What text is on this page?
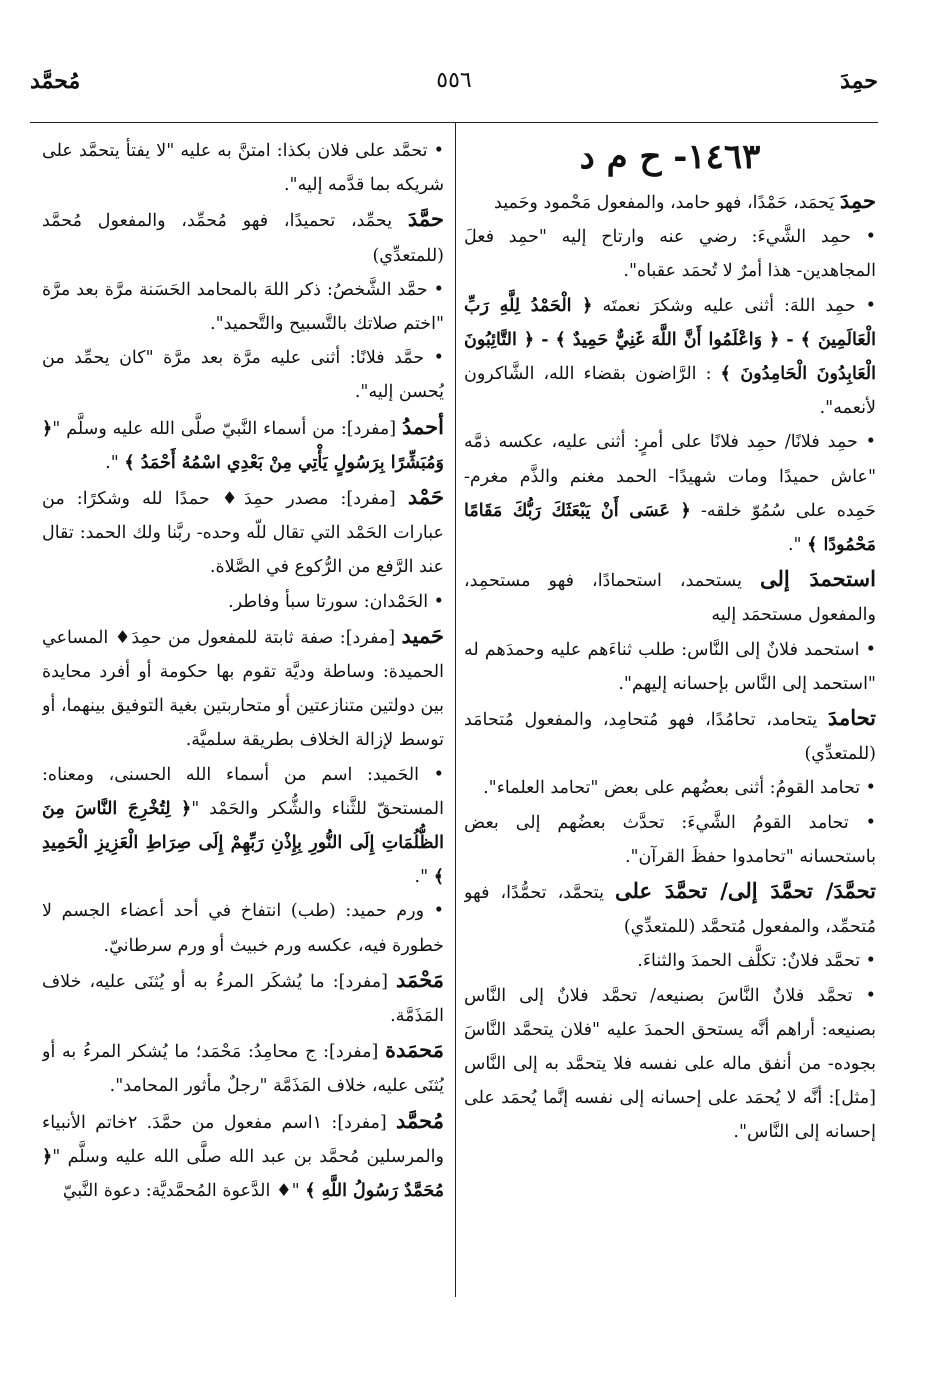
حمِدَ
٥٥٦
مُحمَّد
١٤٦٣- ح م د

حمِدَ يَحمَد، حَمْدًا، فهو حامد، والمفعول مَحْمود وحَميد

• حمِد الشَّيءَ: رضي عنه وارتاح إليه "حمِد فعلَ المجاهدين- هذا أمرٌ لا تُحمَد عقباه".

• حمِد اللهَ: أثنى عليه وشكرَ نعمتَه ﴿ الْحَمْدُ لِلَّهِ رَبِّ الْعَالَمِينَ ﴾ - ﴿ وَاعْلَمُوا أَنَّ اللَّهَ غَنِيٌّ حَمِيدٌ ﴾ - ﴿ التَّائِبُونَ الْعَابِدُونَ الْحَامِدُونَ ﴾ : الرَّاضون بقضاء الله، الشَّاكرون لأنعمه".

• حمِد فلانًا/ حمِد فلانًا على أمرٍ: أثنى عليه، عكسه ذمَّه "عاش حميدًا ومات شهيدًا- الحمد مغنم والذَّم مغرم- حَمِده على سُمُوّ خلقه- ﴿ عَسَى أَنْ يَبْعَثَكَ رَبُّكَ مَقَامًا مَحْمُودًا ﴾ ".

استحمدَ إلى يستحمد، استحمادًا، فهو مستحمِد، والمفعول مستحمَد إليه

• استحمد فلانٌ إلى النَّاس: طلب ثناءَهم عليه وحمدَهم له "استحمد إلى النَّاس بإحسانه إليهم".

تحامدَ يتحامد، تحامُدًا، فهو مُتحامِد، والمفعول مُتحامَد (للمتعدِّي)

• تحامد القومُ: أثنى بعضُهم على بعض "تحامد العلماء".

• تحامد القومُ الشَّيءَ: تحدَّث بعضُهم إلى بعض باستحسانه "تحامدوا حفظَ القرآن".

تحمَّدَ/ تحمَّدَ إلى/ تحمَّدَ على يتحمَّد، تحمُّدًا، فهو مُتحمِّد، والمفعول مُتحمَّد (للمتعدِّي)

• تحمَّد فلانٌ: تكلَّف الحمدَ والثناءَ.

• تحمَّد فلانٌ النَّاسَ بصنيعه/ تحمَّد فلانٌ إلى النَّاس بصنيعه: أراهم أنَّه يستحق الحمدَ عليه "فلان يتحمَّد النَّاسَ بجوده- من أنفق ماله على نفسه فلا يتحمَّد به إلى النَّاس [مثل]: أنَّه لا يُحمَد على إحسانه إلى نفسه إنَّما يُحمَد على إحسانه إلى النَّاس".

• تحمَّد على فلان بكذا: امتنَّ به عليه "لا يفتأ يتحمَّد على شريكه بما قدَّمه إليه".

حمَّدَ يحمِّد، تحميدًا، فهو مُحمِّد، والمفعول مُحمَّد (للمتعدِّي)

• حمَّد الشَّخصُ: ذكر اللهَ بالمحامد الحَسَنة مرَّة بعد مرَّة "اختم صلاتك بالتَّسبيح والتَّحميد".

• حمَّد فلانًا: أثنى عليه مرَّة بعد مرَّة "كان يحمِّد من يُحسن إليه".

أحمدُ [مفرد]: من أسماء النَّبيّ صلَّى الله عليه وسلَّم "﴿ وَمُبَشِّرًا بِرَسُولٍ يَأْتِي مِنْ بَعْدِي اسْمُهُ أَحْمَدُ ﴾ ".

حَمْد [مفرد]: مصدر حمِدَ♦ حمدًا لله وشكرًا: من عبارات الحَمْد التي تقال للّه وحده- ربَّنا ولك الحمد: تقال عند الرَّفع من الرُّكوع في الصَّلاة.

• الحَمْدان: سورتا سبأ وفاطر.

حَميد [مفرد]: صفة ثابتة للمفعول من حمِدَ♦ المساعي الحميدة: وساطة وديَّة تقوم بها حكومة أو أفرد محايدة بين دولتين متنازعتين أو متحاربتين بغية التوفيق بينهما، أو توسط لإزالة الخلاف بطريقة سلميَّة.

• الحَميد: اسم من أسماء الله الحسنى، ومعناه: المستحقّ للثَّناء والشُّكر والحَمْد "﴿ لِتُخْرِجَ النَّاسَ مِنَ الظُّلُمَاتِ إِلَى النُّورِ بِإِذْنِ رَبِّهِمْ إِلَى صِرَاطِ الْعَزِيزِ الْحَمِيدِ ﴾ ".

• ورم حميد: (طب) انتفاخ في أحد أعضاء الجسم لا خطورة فيه، عكسه ورم خبيث أو ورم سرطانيّ.

مَحْمَد [مفرد]: ما يُشكَر المرءُ به أو يُثنَى عليه، خلاف المَذَمَّة.

مَحمَدة [مفرد]: ج محامِدُ: مَحْمَد؛ ما يُشكر المرءُ به أو يُثنَى عليه، خلاف المَذَمَّة "رجلٌ مأثور المحامد".

مُحمَّد [مفرد]: ١اسم مفعول من حمَّدَ. ٢خاتم الأنبياء والمرسلين مُحمَّد بن عبد الله صلَّى الله عليه وسلَّم "﴿ مُحَمَّدٌ رَسُولُ اللَّهِ ﴾ "♦ الدَّعوة المُحمَّديَّة: دعوة النَّبيّ
